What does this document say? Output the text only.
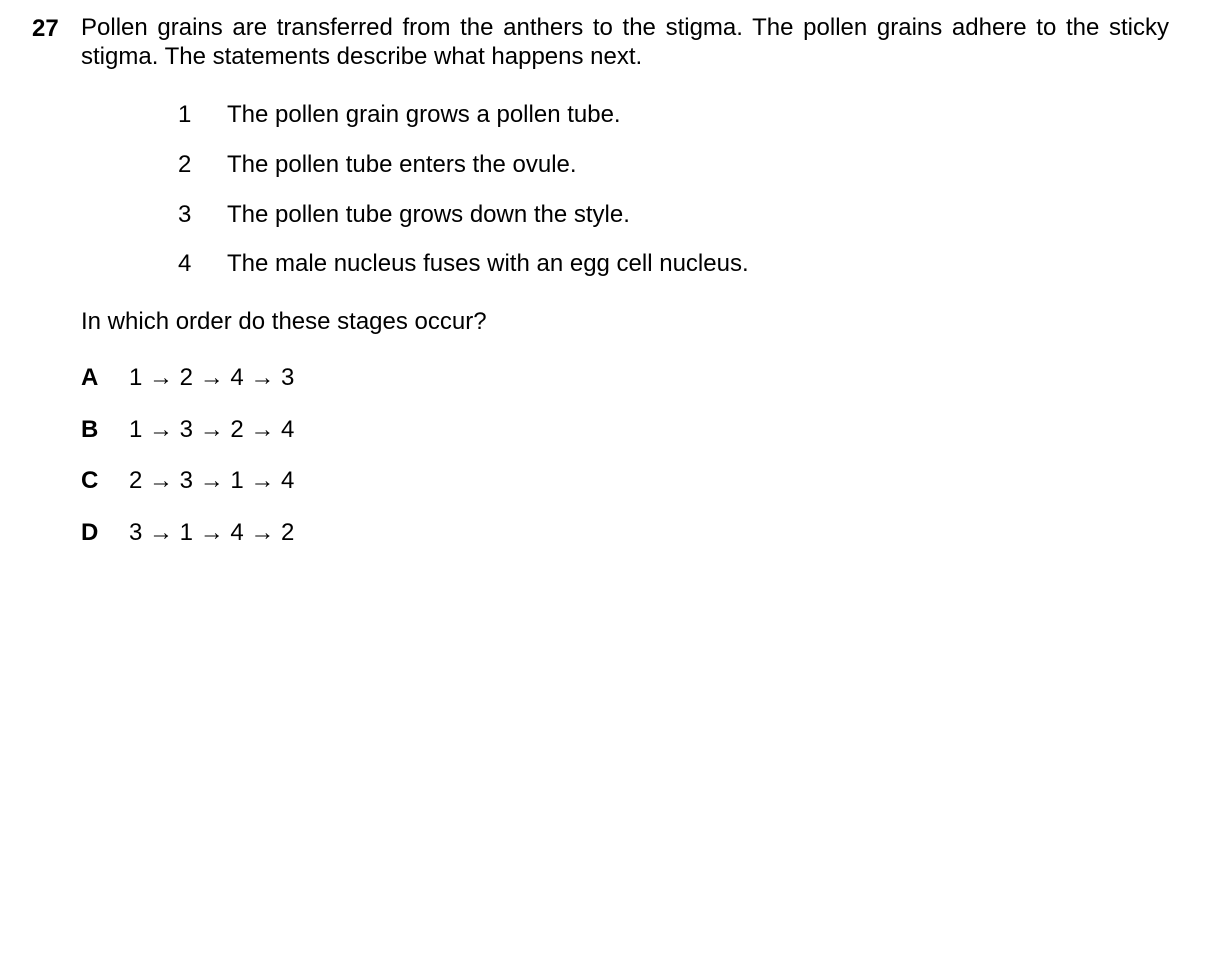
27 Pollen grains are transferred from the anthers to the stigma. The pollen grains adhere to the sticky stigma. The statements describe what happens next.

1 The pollen grain grows a pollen tube.
2 The pollen tube enters the ovule.
3 The pollen tube grows down the style.
4 The male nucleus fuses with an egg cell nucleus.
In which order do these stages occur?
A 1 → 2 → 4 → 3
B 1 → 3 → 2 → 4
C 2 → 3 → 1 → 4
D 3 → 1 → 4 → 2
